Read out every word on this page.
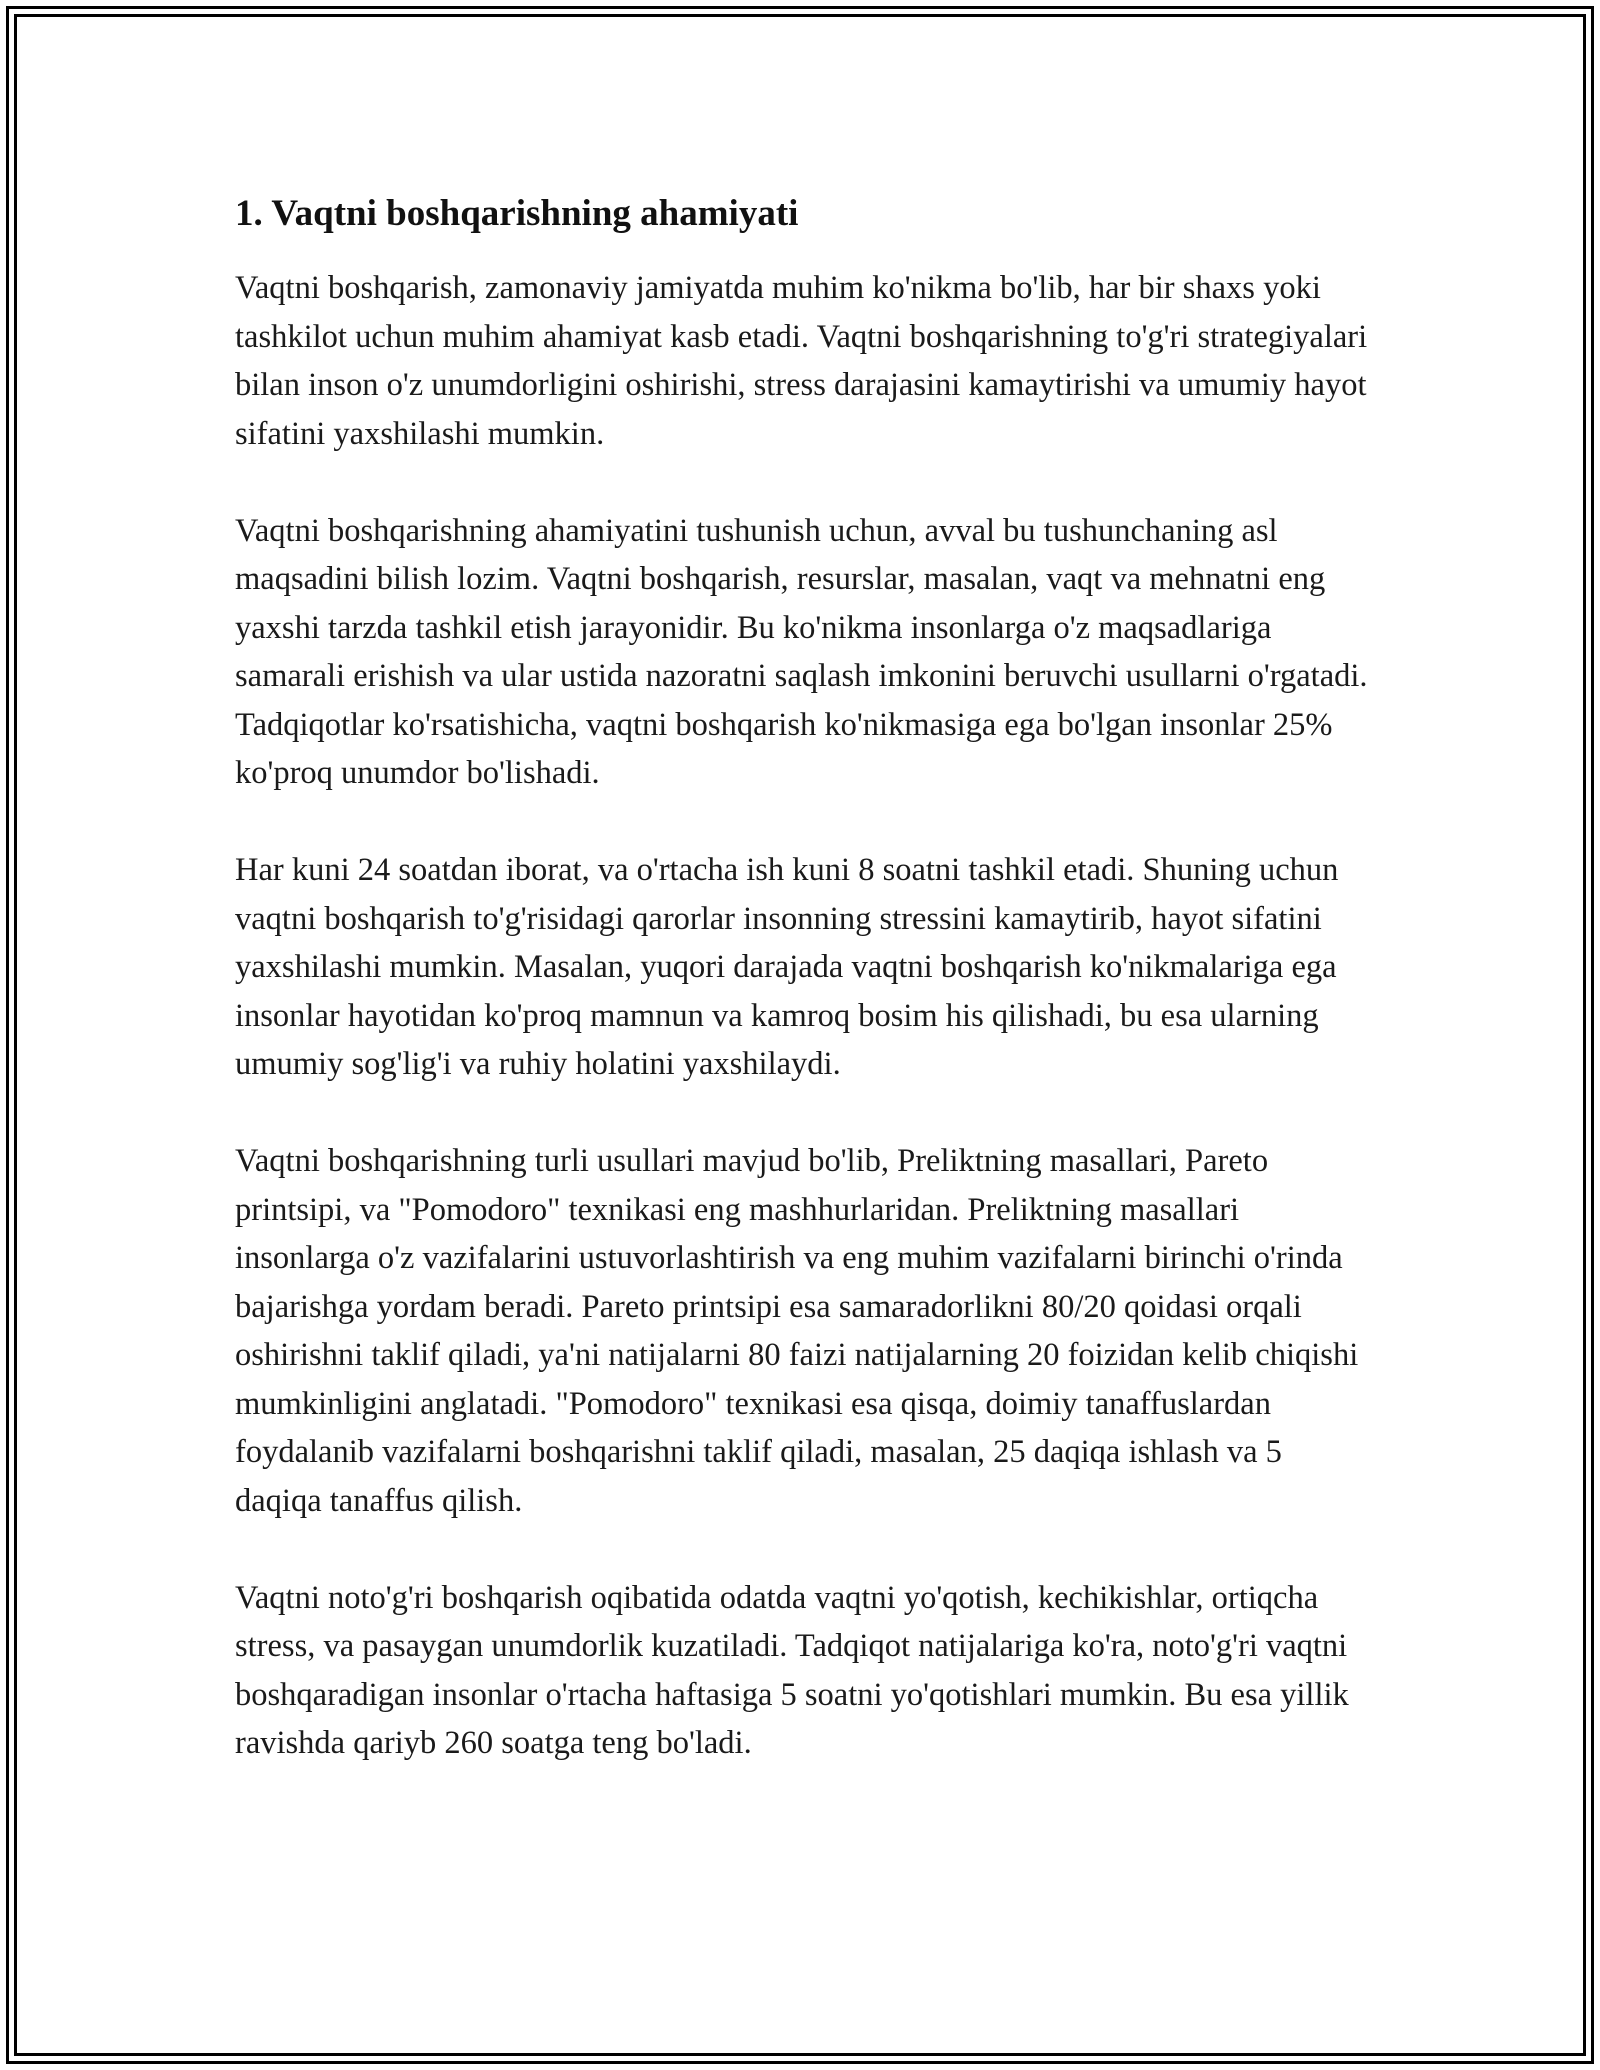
1. Vaqtni boshqarishning ahamiyati

Vaqtni boshqarish, zamonaviy jamiyatda muhim ko'nikma bo'lib, har bir shaxs yoki tashkilot uchun muhim ahamiyat kasb etadi. Vaqtni boshqarishning to'g'ri strategiyalari bilan inson o'z unumdorligini oshirishi, stress darajasini kamaytirishi va umumiy hayot sifatini yaxshilashi mumkin.

Vaqtni boshqarishning ahamiyatini tushunish uchun, avval bu tushunchaning asl maqsadini bilish lozim. Vaqtni boshqarish, resurslar, masalan, vaqt va mehnatni eng yaxshi tarzda tashkil etish jarayonidir. Bu ko'nikma insonlarga o'z maqsadlariga samarali erishish va ular ustida nazoratni saqlash imkonini beruvchi usullarni o'rgatadi. Tadqiqotlar ko'rsatishicha, vaqtni boshqarish ko'nikmasiga ega bo'lgan insonlar 25% ko'proq unumdor bo'lishadi.

Har kuni 24 soatdan iborat, va o'rtacha ish kuni 8 soatni tashkil etadi. Shuning uchun vaqtni boshqarish to'g'risidagi qarorlar insonning stressini kamaytirib, hayot sifatini yaxshilashi mumkin. Masalan, yuqori darajada vaqtni boshqarish ko'nikmalariga ega insonlar hayotidan ko'proq mamnun va kamroq bosim his qilishadi, bu esa ularning umumiy sog'lig'i va ruhiy holatini yaxshilaydi.

Vaqtni boshqarishning turli usullari mavjud bo'lib, Preliktning masallari, Pareto printsipi, va "Pomodoro" texnikasi eng mashhurlaridan. Preliktning masallari insonlarga o'z vazifalarini ustuvorlashtirish va eng muhim vazifalarni birinchi o'rinda bajarishga yordam beradi. Pareto printsipi esa samaradorlikni 80/20 qoidasi orqali oshirishni taklif qiladi, ya'ni natijalarni 80 faizi natijalarning 20 foizidan kelib chiqishi mumkinligini anglatadi. "Pomodoro" texnikasi esa qisqa, doimiy tanaffuslardan foydalanib vazifalarni boshqarishni taklif qiladi, masalan, 25 daqiqa ishlash va 5 daqiqa tanaffus qilish.

Vaqtni noto'g'ri boshqarish oqibatida odatda vaqtni yo'qotish, kechikishlar, ortiqcha stress, va pasaygan unumdorlik kuzatiladi. Tadqiqot natijalariga ko'ra, noto'g'ri vaqtni boshqaradigan insonlar o'rtacha haftasiga 5 soatni yo'qotishlari mumkin. Bu esa yillik ravishda qariyb 260 soatga teng bo'ladi.
